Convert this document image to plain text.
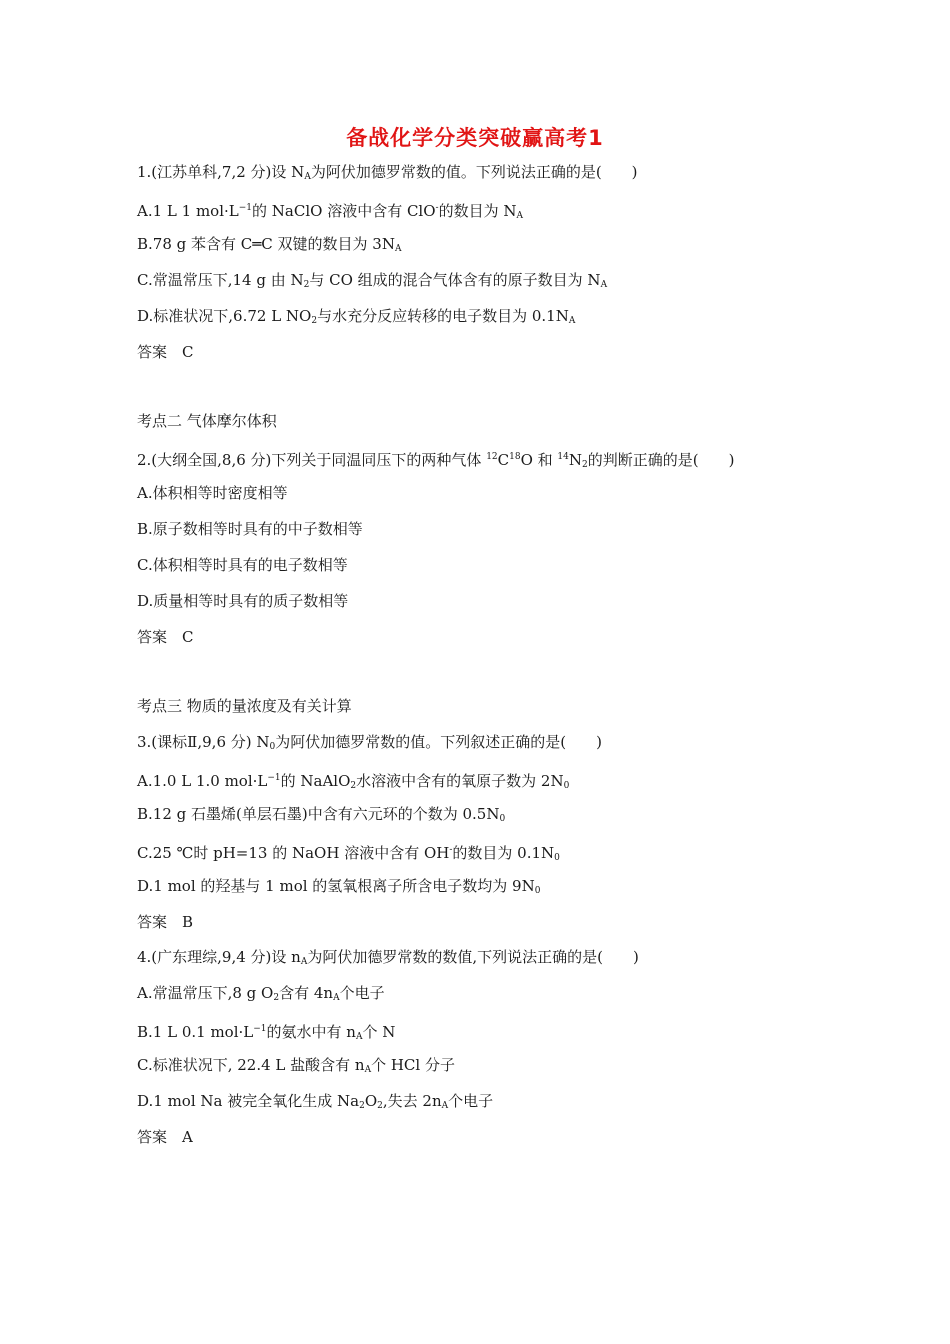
备战化学分类突破赢高考1
1.(江苏单科,7,2 分)设 $N_A$为阿伏加德罗常数的值。下列说法正确的是(　　)
A.1 L 1 $mol\cdot L^{-1}$的 NaClO 溶液中含有 ClO-的数目为 $N_A$
B.78 g 苯含有 C═C 双键的数目为 $3N_A$
C.常温常压下,14 g 由 $N_2$与 CO 组成的混合气体含有的原子数目为 $N_A$
D.标准状况下,6.72 L $NO_2$与水充分反应转移的电子数目为 $0.1N_A$
答案　C
考点二 气体摩尔体积
2.(大纲全国,8,6 分)下列关于同温同压下的两种气体 $^{12}C^{18}O$ 和 $^{14}N_2$的判断正确的是(　　)
A.体积相等时密度相等
B.原子数相等时具有的中子数相等
C.体积相等时具有的电子数相等
D.质量相等时具有的质子数相等
答案　C
考点三 物质的量浓度及有关计算
3.(课标Ⅱ,9,6 分) $N_0$为阿伏加德罗常数的值。下列叙述正确的是(　　)
A.1.0 L 1.0 $mol\cdot L^{-1}$的 NaAlO$_2$水溶液中含有的氧原子数为 $2N_0$
B.12 g 石墨烯(单层石墨)中含有六元环的个数为 $0.5N_0$
C.25 ℃时 pH=13 的 NaOH 溶液中含有 OH-的数目为 $0.1N_0$
D.1 mol 的羟基与 1 mol 的氢氧根离子所含电子数均为 $9N_0$
答案　B
4.(广东理综,9,4 分)设 $n_A$为阿伏加德罗常数的数值,下列说法正确的是(　　)
A.常温常压下,8 g $O_2$含有 $4n_A$个电子
B.1 L 0.1 $mol\cdot L^{-1}$的氨水中有 $n_A$个 N
C.标准状况下, 22.4 L 盐酸含有 $n_A$个 HCl 分子
D.1 mol Na 被完全氧化生成 $Na_2O_2$,失去 $2n_A$个电子
答案　A
